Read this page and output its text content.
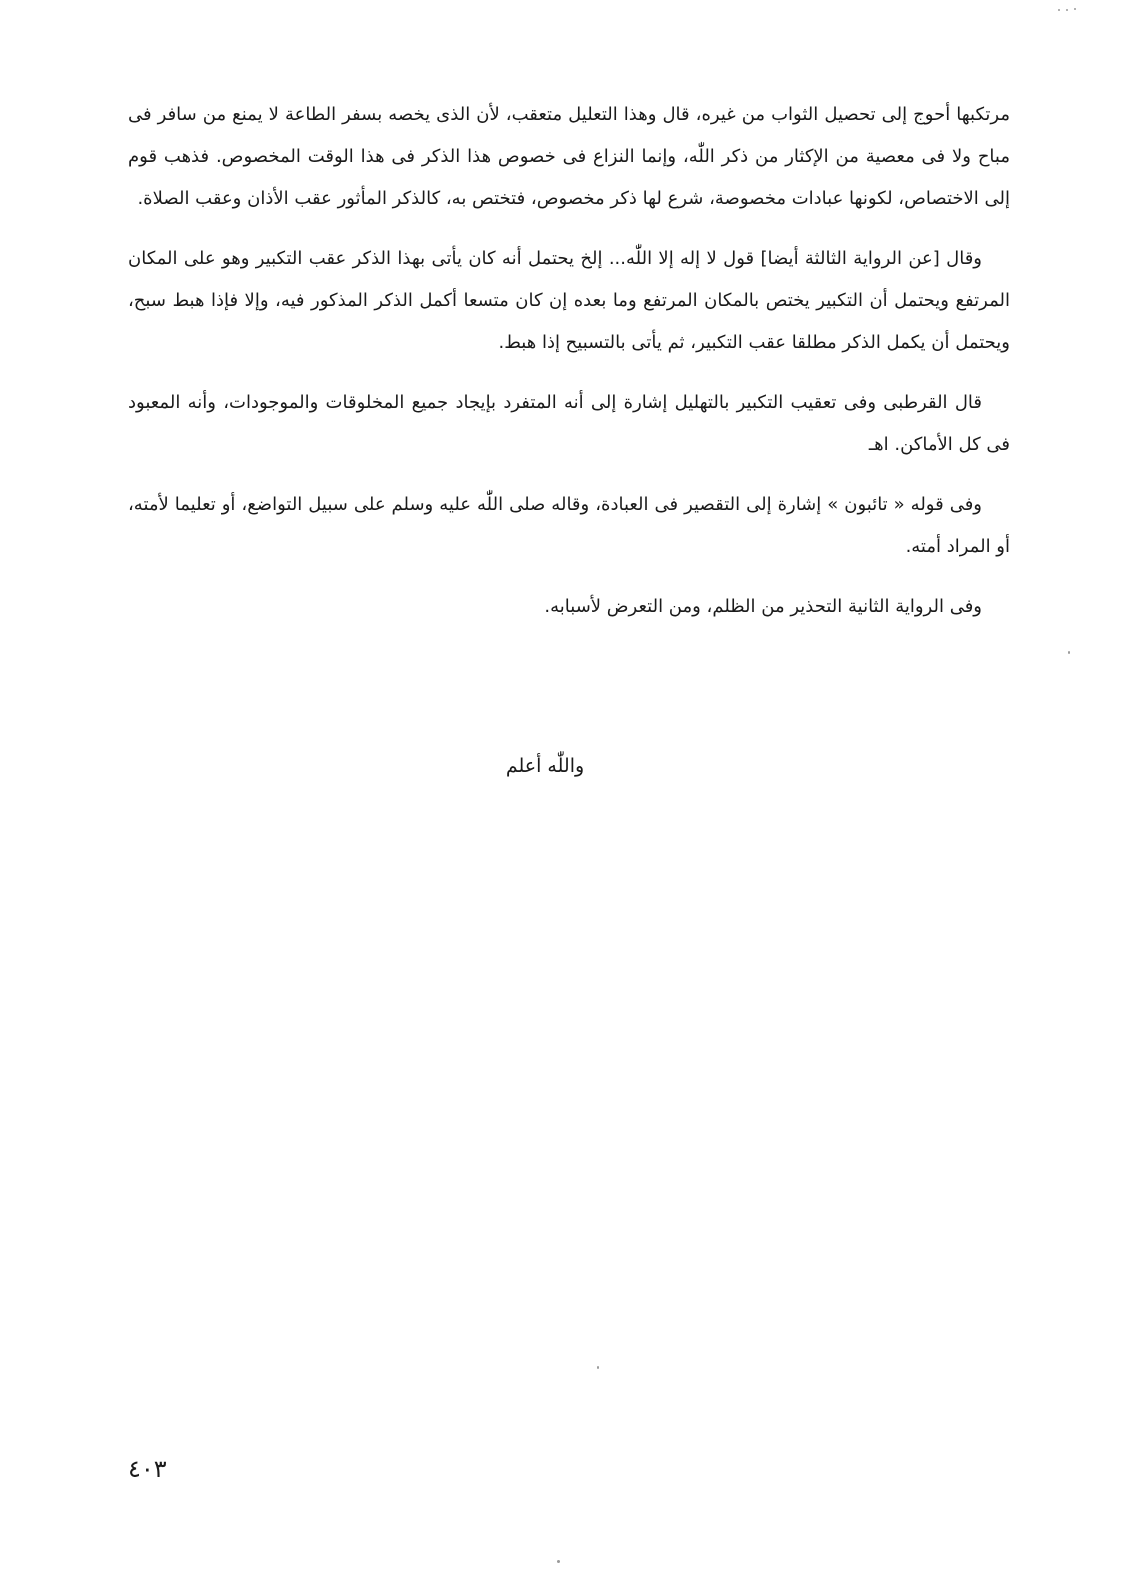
مرتكبها أحوج إلى تحصيل الثواب من غيره، قال وهذا التعليل متعقب، لأن الذى يخصه بسفر الطاعة لا يمنع من سافر فى مباح ولا فى معصية من الإكثار من ذكر اللّٰه، وإنما النزاع فى خصوص هذا الذكر فى هذا الوقت المخصوص. فذهب قوم إلى الاختصاص، لكونها عبادات مخصوصة، شرع لها ذكر مخصوص، فتختص به، كالذكر المأثور عقب الأذان وعقب الصلاة.

وقال [عن الرواية الثالثة أيضا] قول لا إله إلا اللّٰه... إلخ يحتمل أنه كان يأتى بهذا الذكر عقب التكبير وهو على المكان المرتفع ويحتمل أن التكبير يختص بالمكان المرتفع وما بعده إن كان متسعا أكمل الذكر المذكور فيه، وإلا فإذا هبط سبح، ويحتمل أن يكمل الذكر مطلقا عقب التكبير، ثم يأتى بالتسبيح إذا هبط.

قال القرطبى وفى تعقيب التكبير بالتهليل إشارة إلى أنه المتفرد بإيجاد جميع المخلوقات والموجودات، وأنه المعبود فى كل الأماكن. اهـ

وفى قوله « تائبون » إشارة إلى التقصير فى العبادة، وقاله صلى اللّٰه عليه وسلم على سبيل التواضع، أو تعليما لأمته، أو المراد أمته.

وفى الرواية الثانية التحذير من الظلم، ومن التعرض لأسبابه.

واللّٰه أعلم
٤٠٣
